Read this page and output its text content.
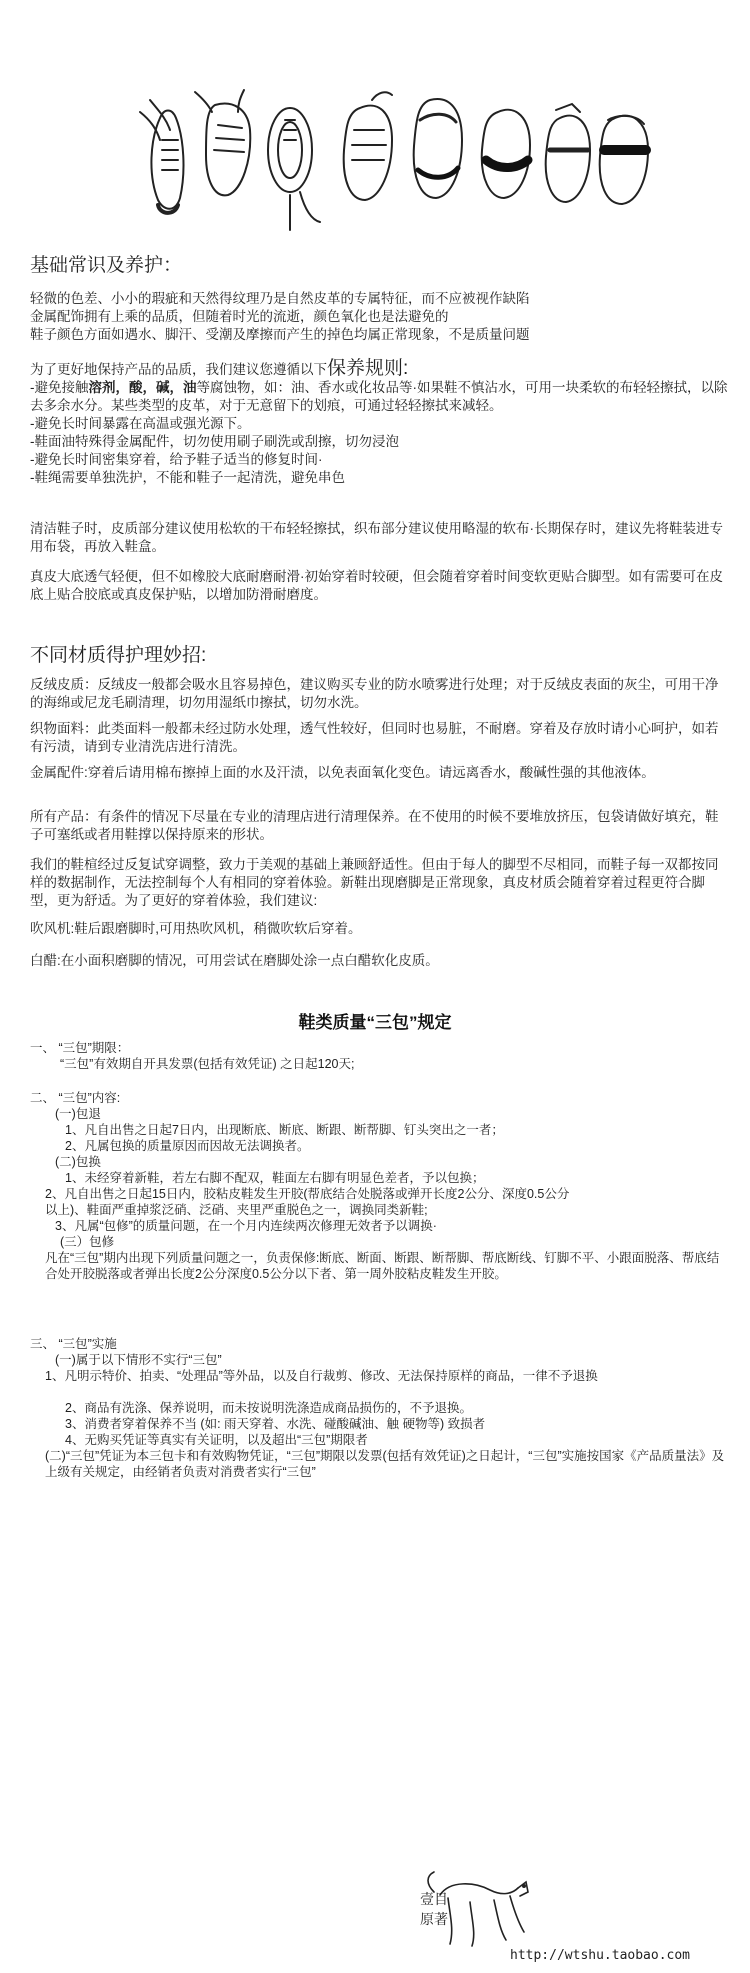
基础常识及养护：
轻微的色差、小小的瑕疵和天然得纹理乃是自然皮革的专属特征，而不应被视作缺陷
金属配饰拥有上乘的品质，但随着时光的流逝，颜色氧化也是法避免的
鞋子颜色方面如遇水、脚汗、受潮及摩擦而产生的掉色均属正常现象，不是质量问题
为了更好地保持产品的品质，我们建议您遵循以下保养规则:
-避免接触溶剂，酸，碱，油等腐蚀物，如：油、香水或化妆品等·如果鞋不慎沾水，可用一块柔软的布轻轻擦拭，以除去多余水分。某些类型的皮革，对于无意留下的划痕，可通过轻轻擦拭来减轻。
-避免长时间暴露在高温或强光源下。
-鞋面油特殊得金属配件，切勿使用刷子刷洗或刮擦，切勿浸泡
-避免长时间密集穿着，给予鞋子适当的修复时间·
-鞋绳需要单独洗护，不能和鞋子一起清洗，避免串色
清洁鞋子时，皮质部分建议使用松软的干布轻轻擦拭，织布部分建议使用略湿的软布·长期保存时，建议先将鞋装进专用布袋，再放入鞋盒。
真皮大底透气轻便，但不如橡胶大底耐磨耐滑·初始穿着时较硬，但会随着穿着时间变软更贴合脚型。如有需要可在皮底上贴合胶底或真皮保护贴，以增加防滑耐磨度。
不同材质得护理妙招:
反绒皮质：反绒皮一般都会吸水且容易掉色，建议购买专业的防水喷雾进行处理；对于反绒皮表面的灰尘，可用干净的海绵或尼龙毛刷清理，切勿用湿纸巾擦拭，切勿水洗。
织物面料：此类面料一般都未经过防水处理，透气性较好，但同时也易脏，不耐磨。穿着及存放时请小心呵护，如若有污渍，请到专业清洗店进行清洗。
金属配件:穿着后请用棉布擦掉上面的水及汗渍，以免表面氧化变色。请远离香水，酸碱性强的其他液体。
所有产品：有条件的情况下尽量在专业的清理店进行清理保养。在不使用的时候不要堆放挤压，包袋请做好填充，鞋子可塞纸或者用鞋撑以保持原来的形状。
我们的鞋楦经过反复试穿调整，致力于美观的基础上兼顾舒适性。但由于每人的脚型不尽相同，而鞋子每一双都按同样的数据制作，无法控制每个人有相同的穿着体验。新鞋出现磨脚是正常现象，真皮材质会随着穿着过程更符合脚型，更为舒适。为了更好的穿着体验，我们建议:
吹风机:鞋后跟磨脚时,可用热吹风机，稍微吹软后穿着。
白醋:在小面积磨脚的情况，可用尝试在磨脚处涂一点白醋软化皮质。
鞋类质量“三包”规定
一、 “三包”期限：
“三包”有效期自开具发票(包括有效凭证) 之日起120天;
二、 “三包”内容:
(一)包退
1、凡自出售之日起7日内，出现断底、断底、断跟、断帮脚、钉头突出之一者；
2、凡属包换的质量原因而因故无法调换者。
(二)包换
1、未经穿着新鞋，若左右脚不配双，鞋面左右脚有明显色差者，予以包换；
2、凡自出售之日起15日内，胶粘皮鞋发生开胶(帮底结合处脱落或弹开长度2公分、深度0.5公分
以上)、鞋面严重掉浆泛硝、泛硝、夹里严重脱色之一，调换同类新鞋;
3、凡属“包修”的质量问题，在一个月内连续两次修理无效者予以调换·
(三）包修
凡在“三包”期内出现下列质量问题之一，负责保修:断底、断面、断跟、断帮脚、帮底断线、钉脚不平、小跟面脱落、帮底结合处开胶脱落或者弹出长度2公分深度0.5公分以下者、第一周外胶粘皮鞋发生开胶。
三、 “三包”实施
(一)属于以下情形不实行“三包”
1、凡明示特价、拍卖、“处理品”等外品，以及自行裁剪、修改、无法保持原样的商品，一律不予退换
2、商品有洗涤、保养说明，而未按说明洗涤造成商品损伤的，不予退换。
3、消费者穿着保养不当 (如: 雨天穿着、水洗、碰酸碱油、触 硬物等) 致损者
4、无购买凭证等真实有关证明，以及超出“三包”期限者
(二)“三包”凭证为本三包卡和有效购物凭证，“三包”期限以发票(包括有效凭证)之日起计，“三包”实施按国家《产品质量法》及上级有关规定，由经销者负责对消费者实行“三包”
壹目 原著
http://wtshu.taobao.com
